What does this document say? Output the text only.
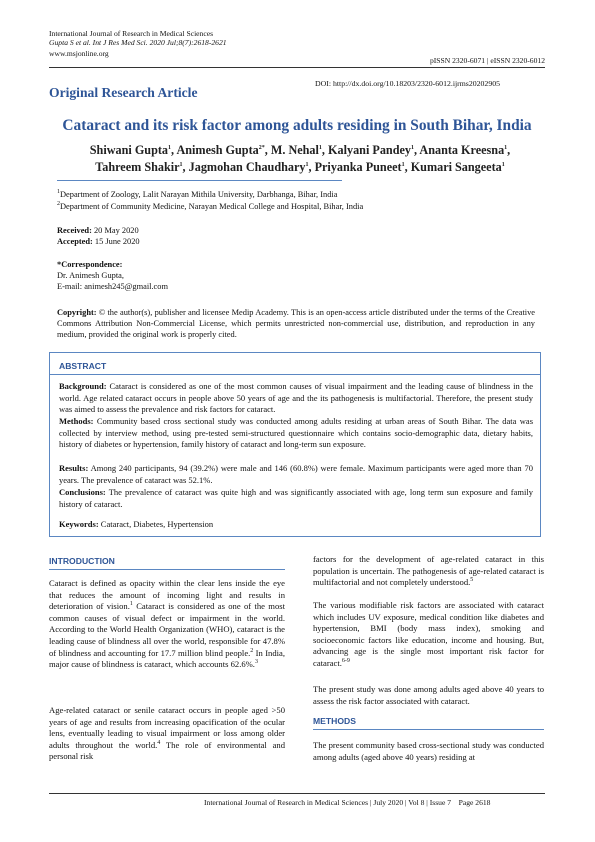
International Journal of Research in Medical Sciences
Gupta S et al. Int J Res Med Sci. 2020 Jul;8(7):2618-2621
www.msjonline.org
pISSN 2320-6071 | eISSN 2320-6012
DOI: http://dx.doi.org/10.18203/2320-6012.ijrms20202905
Original Research Article
Cataract and its risk factor among adults residing in South Bihar, India
Shiwani Gupta$^1$, Animesh Gupta$^{2*}$, M. Nehal$^1$, Kalyani Pandey$^1$, Ananta Kreesna$^1$,
Tahreem Shakir$^1$, Jagmohan Chaudhary$^1$, Priyanka Puneet$^1$, Kumari Sangeeta$^1$
$^1$Department of Zoology, Lalit Narayan Mithila University, Darbhanga, Bihar, India
$^2$Department of Community Medicine, Narayan Medical College and Hospital, Bihar, India
Received: 20 May 2020
Accepted: 15 June 2020
*Correspondence:
Dr. Animesh Gupta,
E-mail: animesh245@gmail.com
Copyright: © the author(s), publisher and licensee Medip Academy. This is an open-access article distributed under the terms of the Creative Commons Attribution Non-Commercial License, which permits unrestricted non-commercial use, distribution, and reproduction in any medium, provided the original work is properly cited.
ABSTRACT
Background: Cataract is considered as one of the most common causes of visual impairment and the leading cause of blindness in the world. Age related cataract occurs in people above 50 years of age and the its pathogenesis is multifactorial. Therefore, the present study was aimed to assess the prevalence and risk factors for cataract.
Methods: Community based cross sectional study was conducted among adults residing at urban areas of South Bihar. The data was collected by interview method, using pre-tested semi-structured questionnaire which contains socio-demographic data, dietary habits, history of diabetes or hypertension, family history of cataract and long-term sun exposure.
Results: Among 240 participants, 94 (39.2%) were male and 146 (60.8%) were female. Maximum participants were aged more than 70 years. The prevalence of cataract was 52.1%.
Conclusions: The prevalence of cataract was quite high and was significantly associated with age, long term sun exposure and family history of cataract.
Keywords: Cataract, Diabetes, Hypertension
INTRODUCTION
Cataract is defined as opacity within the clear lens inside the eye that reduces the amount of incoming light and results in deterioration of vision.$^1$ Cataract is considered as one of the most common causes of visual defect or impairment in the world. According to the World Health Organization (WHO), cataract is the leading cause of blindness all over the world, responsible for 47.8% of blindness and accounting for 17.7 million blind people.$^2$ In India, major cause of blindness is cataract, which accounts 62.6%.$^3$
Age-related cataract or senile cataract occurs in people aged >50 years of age and results from increasing opacification of the ocular lens, eventually leading to visual impairment or loss among older adults throughout the world.$^4$ The role of environmental and personal risk
factors for the development of age-related cataract in this population is uncertain. The pathogenesis of age-related cataract is multifactorial and not completely understood.$^5$
The various modifiable risk factors are associated with cataract which includes UV exposure, medical condition like diabetes and hypertension, BMI (body mass index), smoking and socioeconomic factors like education, income and housing. But, advancing age is the single most important risk factor for cataract.$^{6-9}$
The present study was done among adults aged above 40 years to assess the risk factor associated with cataract.
METHODS
The present community based cross-sectional study was conducted among adults (aged above 40 years) residing at
International Journal of Research in Medical Sciences | July 2020 | Vol 8 | Issue 7    Page 2618
